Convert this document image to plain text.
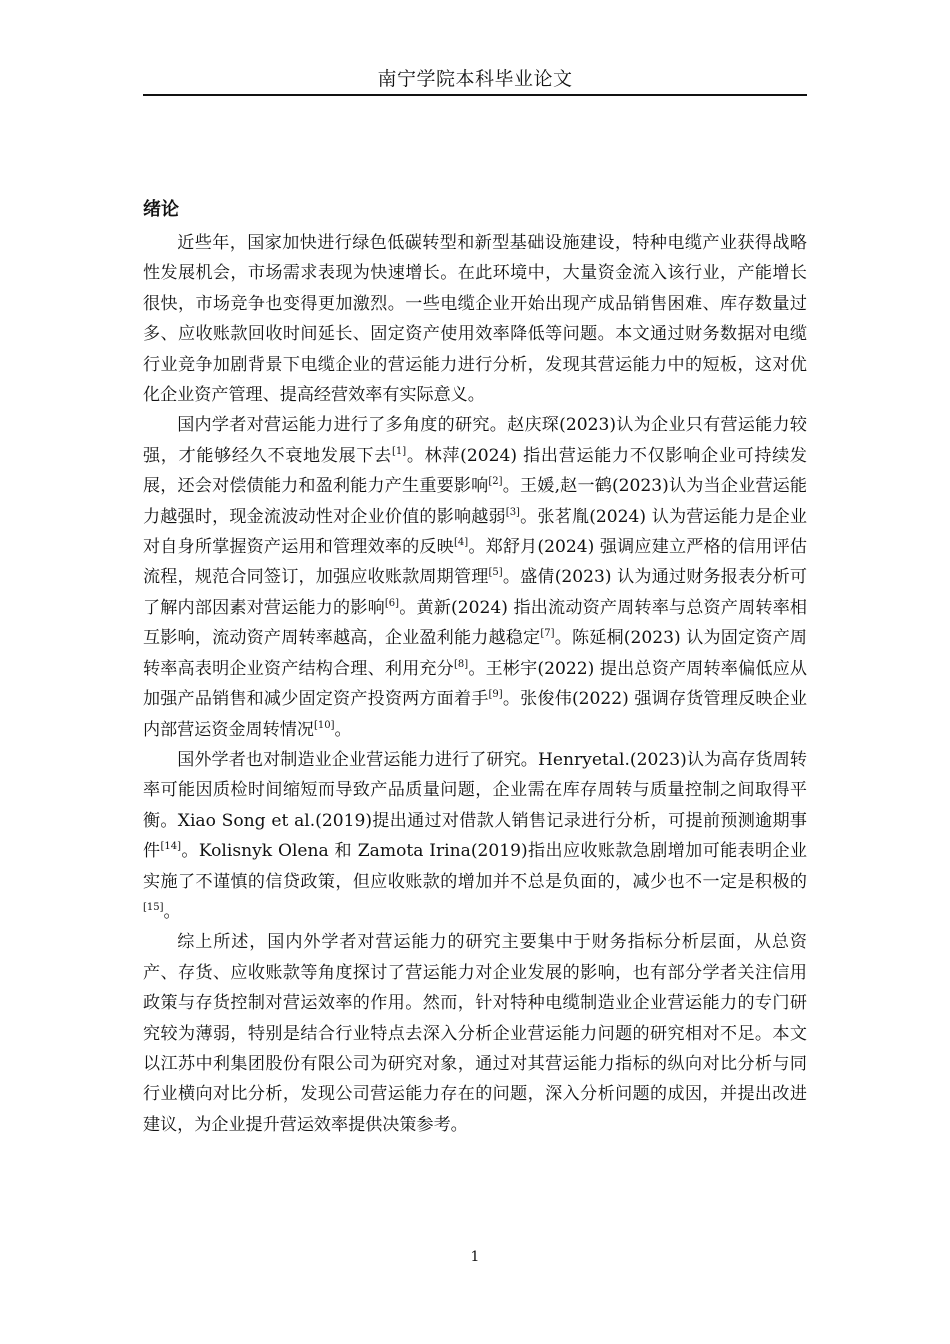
南宁学院本科毕业论文
绪论

近些年，国家加快进行绿色低碳转型和新型基础设施建设，特种电缆产业获得战略性发展机会，市场需求表现为快速增长。在此环境中，大量资金流入该行业，产能增长很快，市场竞争也变得更加激烈。一些电缆企业开始出现产成品销售困难、库存数量过多、应收账款回收时间延长、固定资产使用效率降低等问题。本文通过财务数据对电缆行业竞争加剧背景下电缆企业的营运能力进行分析，发现其营运能力中的短板，这对优化企业资产管理、提高经营效率有实际意义。

国内学者对营运能力进行了多角度的研究。赵庆琛(2023)认为企业只有营运能力较强，才能够经久不衰地发展下去[1]。林萍(2024) 指出营运能力不仅影响企业可持续发展，还会对偿债能力和盈利能力产生重要影响[2]。王媛,赵一鹤(2023)认为当企业营运能力越强时，现金流波动性对企业价值的影响越弱[3]。张茗胤(2024) 认为营运能力是企业对自身所掌握资产运用和管理效率的反映[4]。郑舒月(2024) 强调应建立严格的信用评估流程，规范合同签订，加强应收账款周期管理[5]。盛倩(2023) 认为通过财务报表分析可了解内部因素对营运能力的影响[6]。黄新(2024) 指出流动资产周转率与总资产周转率相互影响，流动资产周转率越高，企业盈利能力越稳定[7]。陈延桐(2023) 认为固定资产周转率高表明企业资产结构合理、利用充分[8]。王彬宇(2022) 提出总资产周转率偏低应从加强产品销售和减少固定资产投资两方面着手[9]。张俊伟(2022) 强调存货管理反映企业内部营运资金周转情况[10]。

国外学者也对制造业企业营运能力进行了研究。Henryetal.(2023)认为高存货周转率可能因质检时间缩短而导致产品质量问题，企业需在库存周转与质量控制之间取得平衡。Xiao Song et al.(2019)提出通过对借款人销售记录进行分析，可提前预测逾期事件[14]。Kolisnyk Olena 和 Zamota Irina(2019)指出应收账款急剧增加可能表明企业实施了不谨慎的信贷政策，但应收账款的增加并不总是负面的，减少也不一定是积极的[15]。

综上所述，国内外学者对营运能力的研究主要集中于财务指标分析层面，从总资产、存货、应收账款等角度探讨了营运能力对企业发展的影响，也有部分学者关注信用政策与存货控制对营运效率的作用。然而，针对特种电缆制造业企业营运能力的专门研究较为薄弱，特别是结合行业特点去深入分析企业营运能力问题的研究相对不足。本文以江苏中利集团股份有限公司为研究对象，通过对其营运能力指标的纵向对比分析与同行业横向对比分析，发现公司营运能力存在的问题，深入分析问题的成因，并提出改进建议，为企业提升营运效率提供决策参考。

1
